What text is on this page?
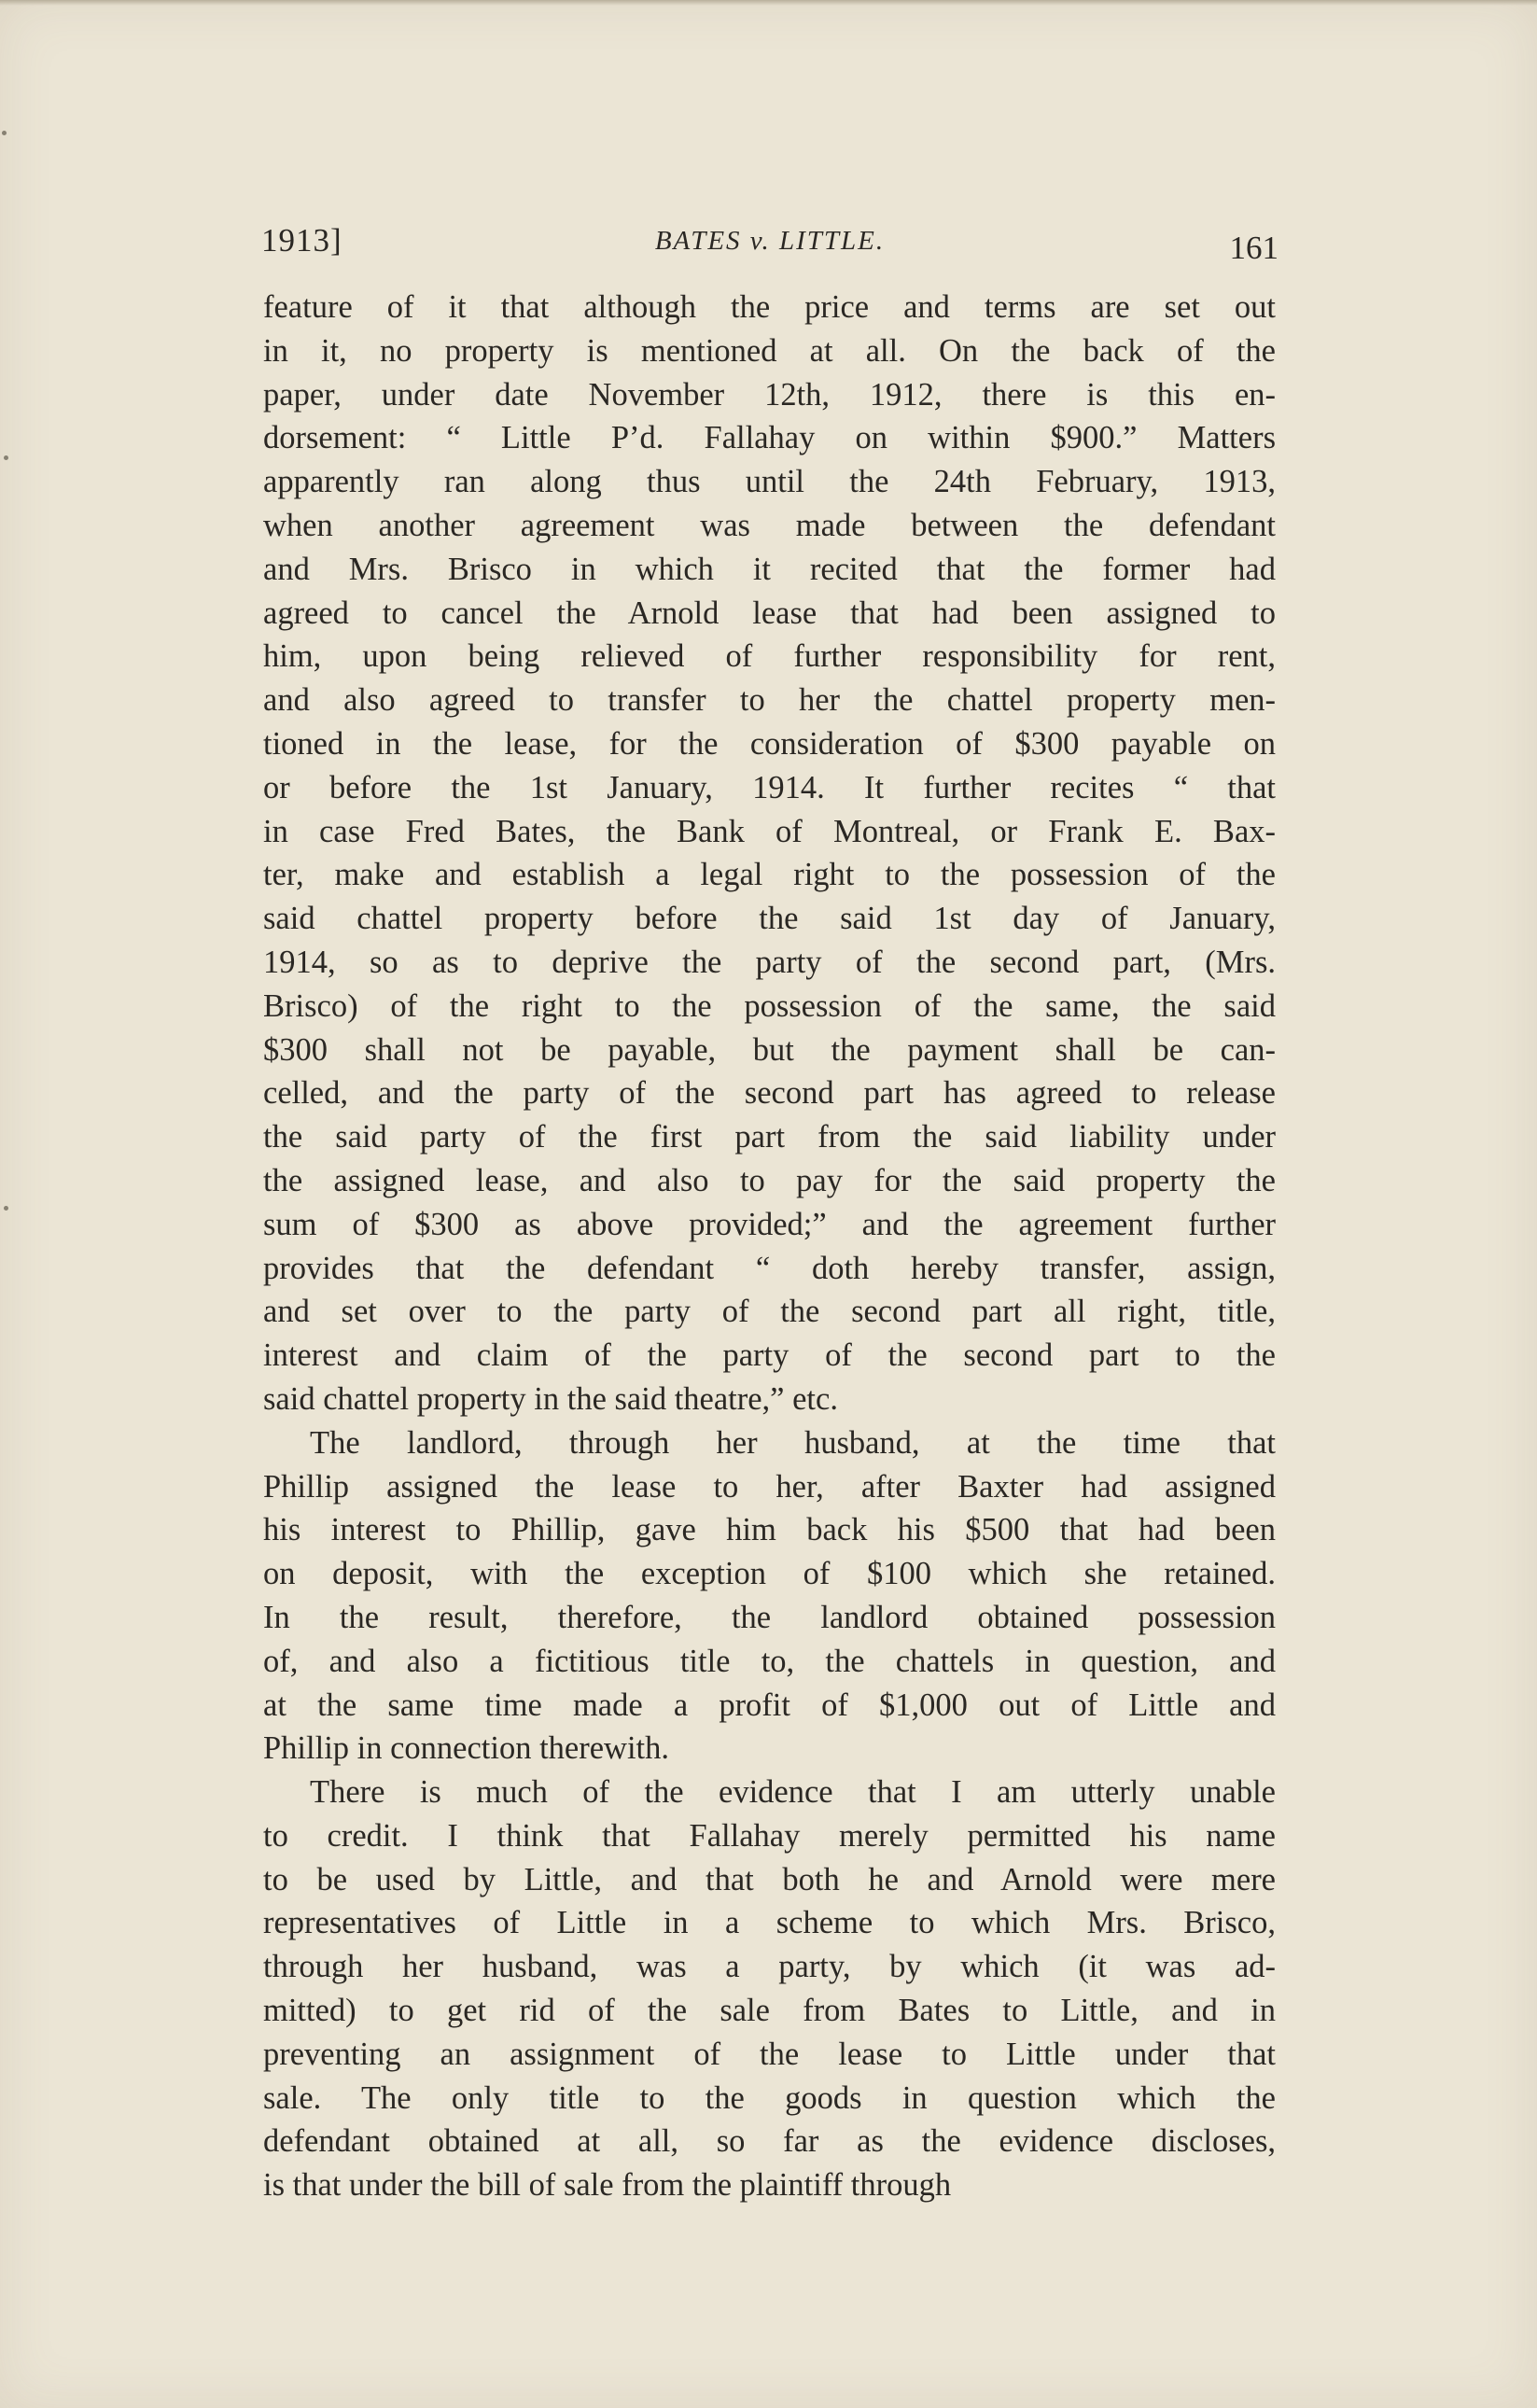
1913]	BATES v. LITTLE.	161
feature of it that although the price and terms are set out
in it, no property is mentioned at all. On the back of the
paper, under date November 12th, 1912, there is this en-
dorsement: “ Little P’d. Fallahay on within $900.” Matters
apparently ran along thus until the 24th February, 1913,
when another agreement was made between the defendant
and Mrs. Brisco in which it recited that the former had
agreed to cancel the Arnold lease that had been assigned to
him, upon being relieved of further responsibility for rent,
and also agreed to transfer to her the chattel property men-
tioned in the lease, for the consideration of $300 payable on
or before the 1st January, 1914. It further recites “ that
in case Fred Bates, the Bank of Montreal, or Frank E. Bax-
ter, make and establish a legal right to the possession of the
said chattel property before the said 1st day of January,
1914, so as to deprive the party of the second part, (Mrs.
Brisco) of the right to the possession of the same, the said
$300 shall not be payable, but the payment shall be can-
celled, and the party of the second part has agreed to release
the said party of the first part from the said liability under
the assigned lease, and also to pay for the said property the
sum of $300 as above provided;” and the agreement further
provides that the defendant “ doth hereby transfer, assign,
and set over to the party of the second part all right, title,
interest and claim of the party of the second part to the
said chattel property in the said theatre,” etc.
The landlord, through her husband, at the time that
Phillip assigned the lease to her, after Baxter had assigned
his interest to Phillip, gave him back his $500 that had been
on deposit, with the exception of $100 which she retained.
In the result, therefore, the landlord obtained possession
of, and also a fictitious title to, the chattels in question, and
at the same time made a profit of $1,000 out of Little and
Phillip in connection therewith.
There is much of the evidence that I am utterly unable
to credit. I think that Fallahay merely permitted his name
to be used by Little, and that both he and Arnold were mere
representatives of Little in a scheme to which Mrs. Brisco,
through her husband, was a party, by which (it was ad-
mitted) to get rid of the sale from Bates to Little, and in
preventing an assignment of the lease to Little under that
sale. The only title to the goods in question which the
defendant obtained at all, so far as the evidence discloses,
is that under the bill of sale from the plaintiff through
